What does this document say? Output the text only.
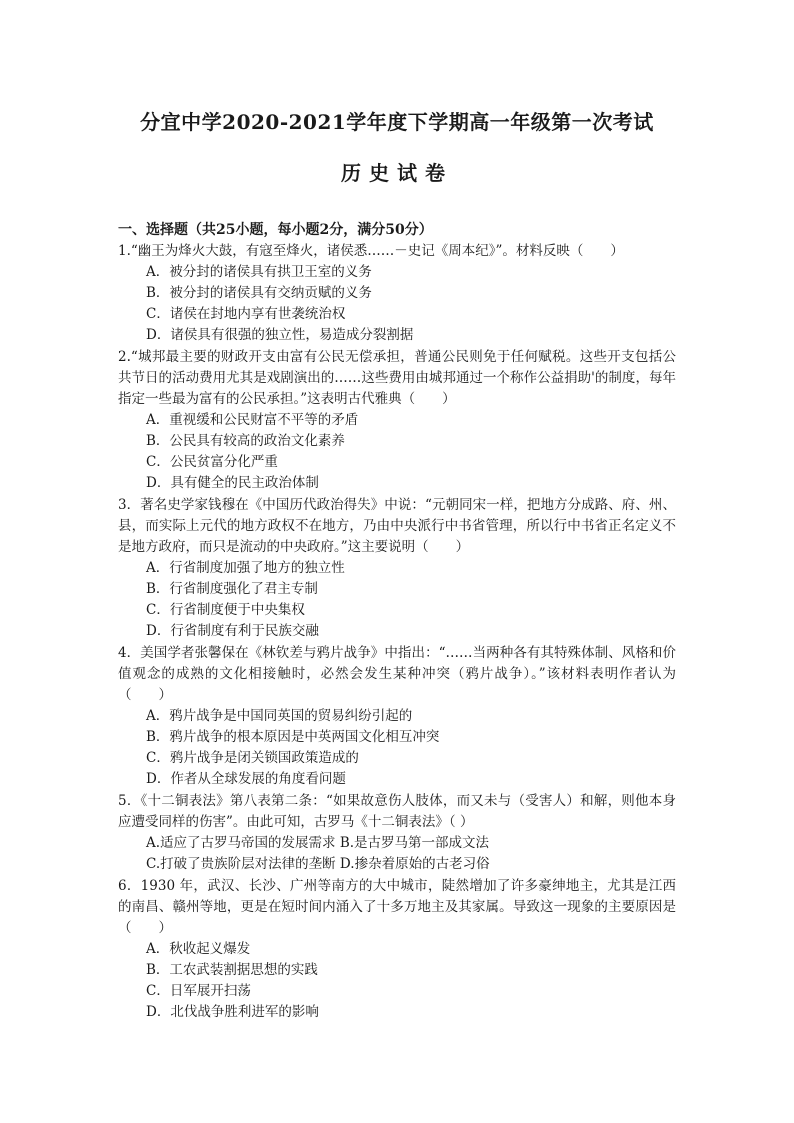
分宜中学2020-2021学年度下学期高一年级第一次考试
历史试卷
一、选择题（共25小题，每小题2分，满分50分）
1.“幽王为烽火大鼓，有寇至烽火，诸侯悉……－史记《周本纪》”。材料反映（　　）
A．被分封的诸侯具有拱卫王室的义务
B．被分封的诸侯具有交纳贡赋的义务
C．诸侯在封地内享有世袭统治权
D．诸侯具有很强的独立性，易造成分裂割据
2.“城邦最主要的财政开支由富有公民无偿承担，普通公民则免于任何赋税。这些开支包括公共节日的活动费用尤其是戏剧演出的……这些费用由城邦通过一个称作公益捐助'的制度，每年指定一些最为富有的公民承担。”这表明古代雅典（　　）
A．重视缓和公民财富不平等的矛盾
B．公民具有较高的政治文化素养
C．公民贫富分化严重
D．具有健全的民主政治体制
3．著名史学家钱穆在《中国历代政治得失》中说：“元朝同宋一样，把地方分成路、府、州、县，而实际上元代的地方政权不在地方，乃由中央派行中书省管理，所以行中书省正名定义不是地方政府，而只是流动的中央政府。”这主要说明（　　）
A．行省制度加强了地方的独立性
B．行省制度强化了君主专制
C．行省制度便于中央集权
D．行省制度有利于民族交融
4．美国学者张馨保在《林钦差与鸦片战争》中指出：“……当两种各有其特殊体制、风格和价值观念的成熟的文化相接触时，必然会发生某种冲突（鸦片战争）。”该材料表明作者认为（　　）
A．鸦片战争是中国同英国的贸易纠纷引起的
B．鸦片战争的根本原因是中英两国文化相互冲突
C．鸦片战争是闭关锁国政策造成的
D．作者从全球发展的角度看问题
5．《十二铜表法》第八表第二条：“如果故意伤人肢体，而又未与（受害人）和解，则他本身应遭受同样的伤害”。由此可知，古罗马《十二铜表法》（ ）
A.适应了古罗马帝国的发展需求 B.是古罗马第一部成文法
C.打破了贵族阶层对法律的垄断 D.掺杂着原始的古老习俗
6．1930 年，武汉、长沙、广州等南方的大中城市，陡然增加了许多豪绅地主，尤其是江西的南昌、赣州等地，更是在短时间内涌入了十多万地主及其家属。导致这一现象的主要原因是（　　）
A．秋收起义爆发
B．工农武装割据思想的实践
C．日军展开扫荡
D．北伐战争胜利进军的影响
